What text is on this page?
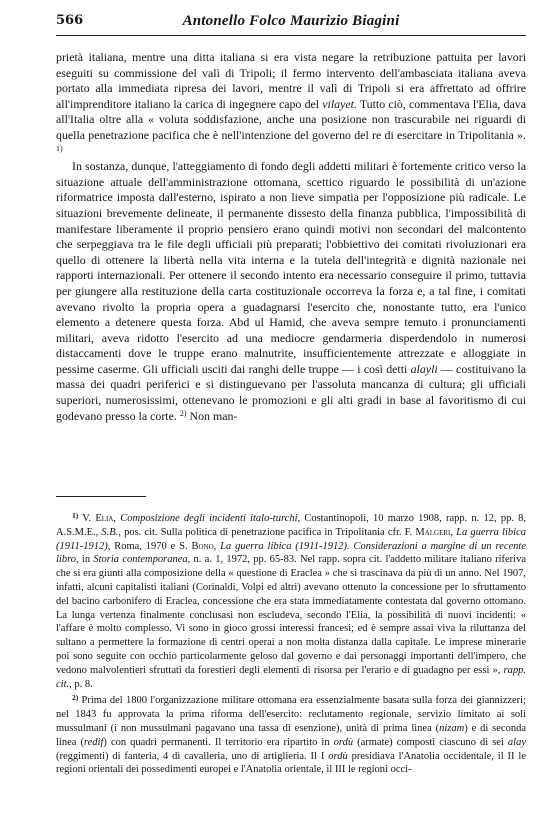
566	Antonello Folco Maurizio Biagini

prietà italiana, mentre una ditta italiana si era vista negare la retribuzione pattuita per lavori eseguiti su commissione del valì di Tripoli; il fermo intervento dell'ambasciata italiana aveva portato alla immediata ripresa dei lavori, mentre il valì di Tripoli si era affrettato ad offrire all'imprenditore italiano la carica di ingegnere capo del vilayet. Tutto ciò, commentava l'Elia, dava all'Italia oltre alla « voluta soddisfazione, anche una posizione non trascurabile nei riguardi di quella penetrazione pacifica che è nell'intenzione del governo del re di esercitare in Tripolitania ». $^{1)}$

In sostanza, dunque, l'atteggiamento di fondo degli addetti militari è fortemente critico verso la situazione attuale dell'amministrazione ottomana, scettico riguardo le possibilità di un'azione riformatrice imposta dall'esterno, ispirato a non lieve simpatia per l'opposizione più radicale. Le situazioni brevemente delineate, il permanente dissesto della finanza pubblica, l'impossibilità di manifestare liberamente il proprio pensiero erano quindi motivi non secondari del malcontento che serpeggiava tra le file degli ufficiali più preparati; l'obbiettivo dei comitati rivoluzionari era quello di ottenere la libertà nella vita interna e la tutela dell'integrità e dignità nazionale nei rapporti internazionali. Per ottenere il secondo intento era necessario conseguire il primo, tuttavia per giungere alla restituzione della carta costituzionale occorreva la forza e, a tal fine, i comitati avevano rivolto la propria opera a guadagnarsi l'esercito che, nonostante tutto, era l'unico elemento a detenere questa forza. Abd ul Hamid, che aveva sempre temuto i pronunciamenti militari, aveva ridotto l'esercito ad una mediocre gendarmeria disperdendolo in numerosi distaccamenti dove le truppe erano malnutrite, insufficientemente attrezzate e alloggiate in pessime caserme. Gli ufficiali usciti dai ranghi delle truppe — i così detti alayli — costituivano la massa dei quadri periferici e si distinguevano per l'assoluta mancanza di cultura; gli ufficiali superiori, numerosissimi, ottenevano le promozioni e gli alti gradi in base al favoritismo di cui godevano presso la corte. $^{2)}$ Non man-

$^{1)}$ V. Elia, Composizione degli incidenti italo-turchi, Costantinopoli, 10 marzo 1908, rapp. n. 12, pp. 8, A.S.M.E., S.B., pos. cit. Sulla politica di penetrazione pacifica in Tripolitania cfr. F. Malgeri, La guerra libica (1911-1912), Roma, 1970 e S. Bono, La guerra libica (1911-1912). Considerazioni a margine di un recente libro, in Storia contemporanea, n. a. 1, 1972, pp. 65-83. Nel rapp. sopra cit. l'addetto militare italiano riferiva che si era giunti alla composizione della « questione di Eraclea » che si trascinava da più di un anno. Nel 1907, infatti, alcuni capitalisti italiani (Corinaldi, Volpi ed altri) avevano ottenuto la concessione per lo sfruttamento del bacino carbonifero di Eraclea, concessione che era stata immediatamente contestata dal governo ottomano. La lunga vertenza finalmente conclusasi non escludeva, secondo l'Elia, la possibilità di nuovi incidenti: « l'affare è molto complesso. Vi sono in gioco grossi interessi francesi; ed è sempre assai viva la riluttanza del sultano a permettere la formazione di centri operai a non molta distanza dalla capitale. Le imprese minerarie poi sono seguite con occhio particolarmente geloso dal governo e dai personaggi importanti dell'impero, che vedono malvolentieri sfruttati da forestieri degli elementi di risorsa per l'erario e di guadagno per essi », rapp. cit., p. 8.

$^{2)}$ Prima del 1800 l'organizzazione militare ottomana era essenzialmente basata sulla forza dei giannizzeri; nel 1843 fu approvata la prima riforma dell'esercito: reclutamento regionale, servizio limitato ai soli mussulmani (i non mussulmani pagavano una tassa di esenzione), unità di prima linea (nizam) e di seconda linea (redif) con quadri permanenti. Il territorio era ripartito in ordù (armate) composti ciascuno di sei alay (reggimenti) di fanteria, 4 di cavalleria, uno di artiglieria. Il I ordù presidiava l'Anatolia occidentale, il II le regioni orientali dei possedimenti europei e l'Anatolia orientale, il III le regioni occi-
